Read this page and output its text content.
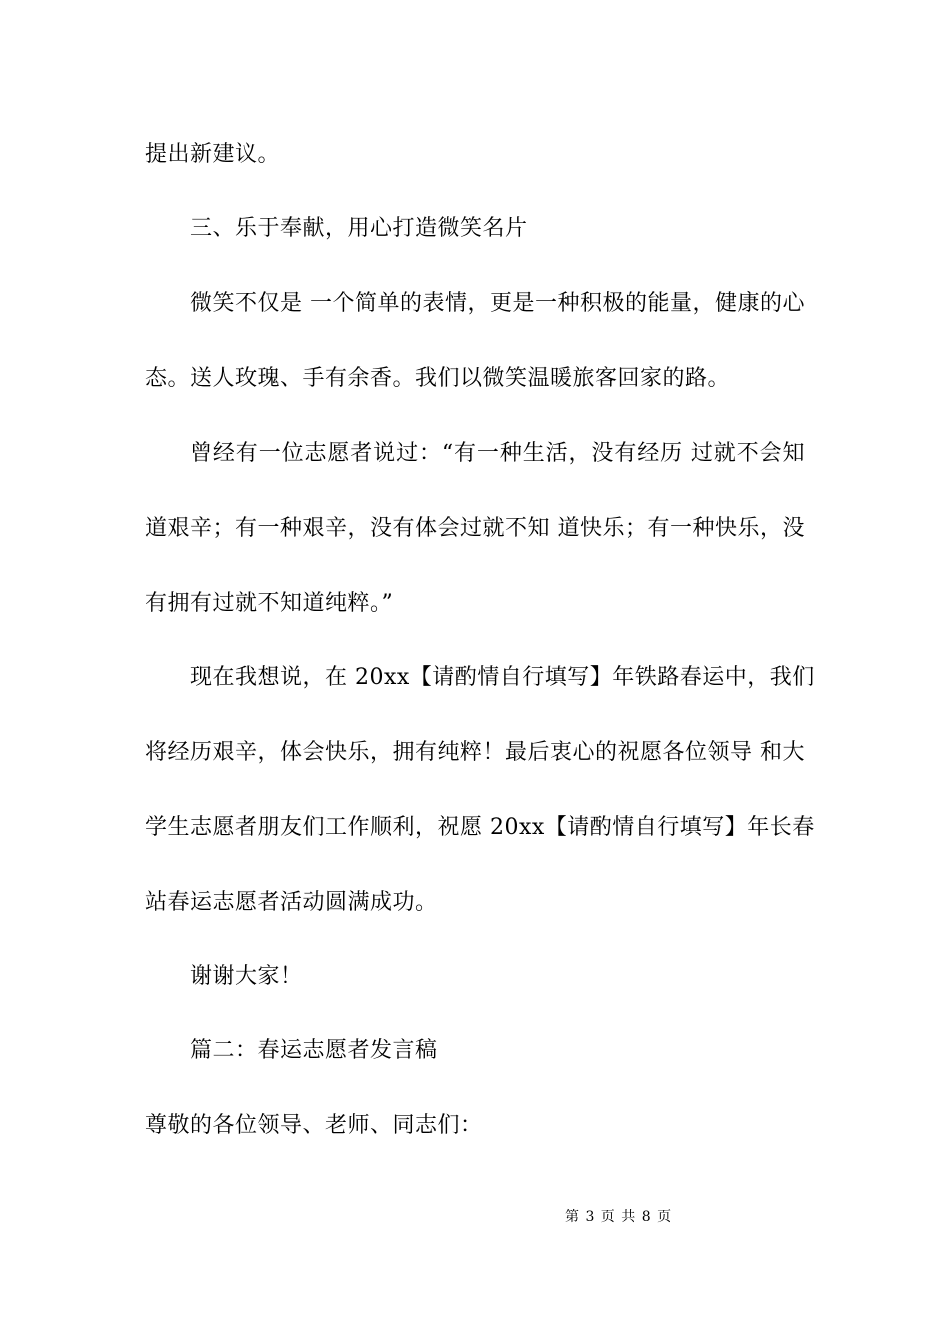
提出新建议。
三、乐于奉献，用心打造微笑名片
微笑不仅是 一个简单的表情，更是一种积极的能量，健康的心
态。送人玫瑰、手有余香。我们以微笑温暖旅客回家的路。
曾经有一位志愿者说过：“有一种生活，没有经历 过就不会知
道艰辛；有一种艰辛，没有体会过就不知 道快乐；有一种快乐，没
有拥有过就不知道纯粹。”
现在我想说，在 20xx【请酌情自行填写】年铁路春运中，我们
将经历艰辛，体会快乐，拥有纯粹！最后衷心的祝愿各位领导 和大
学生志愿者朋友们工作顺利，祝愿 20xx【请酌情自行填写】年长春
站春运志愿者活动圆满成功。
谢谢大家！
篇二：春运志愿者发言稿
尊敬的各位领导、老师、同志们：
第 3 页 共 8 页
